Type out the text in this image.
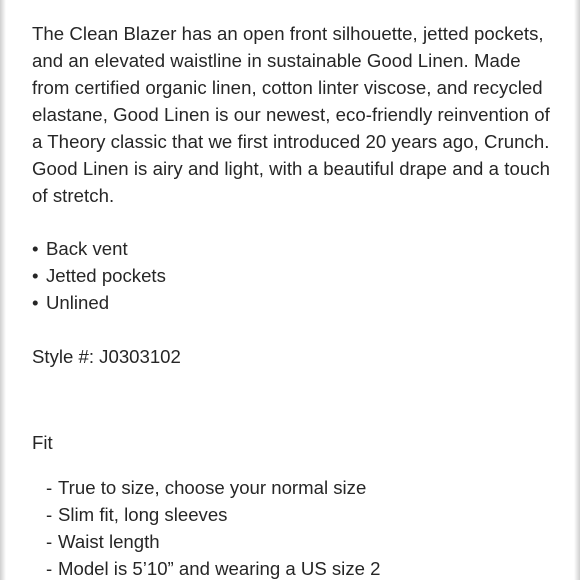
The Clean Blazer has an open front silhouette, jetted pockets,
and an elevated waistline in sustainable Good Linen. Made
from certified organic linen, cotton linter viscose, and recycled
elastane, Good Linen is our newest, eco-friendly reinvention of
a Theory classic that we first introduced 20 years ago, Crunch.
Good Linen is airy and light, with a beautiful drape and a touch
of stretch.

• Back vent
• Jetted pockets
• Unlined

Style #: J0303102

Fit
- True to size, choose your normal size
- Slim fit, long sleeves
- Waist length
- Model is 5’10” and wearing a US size 2
